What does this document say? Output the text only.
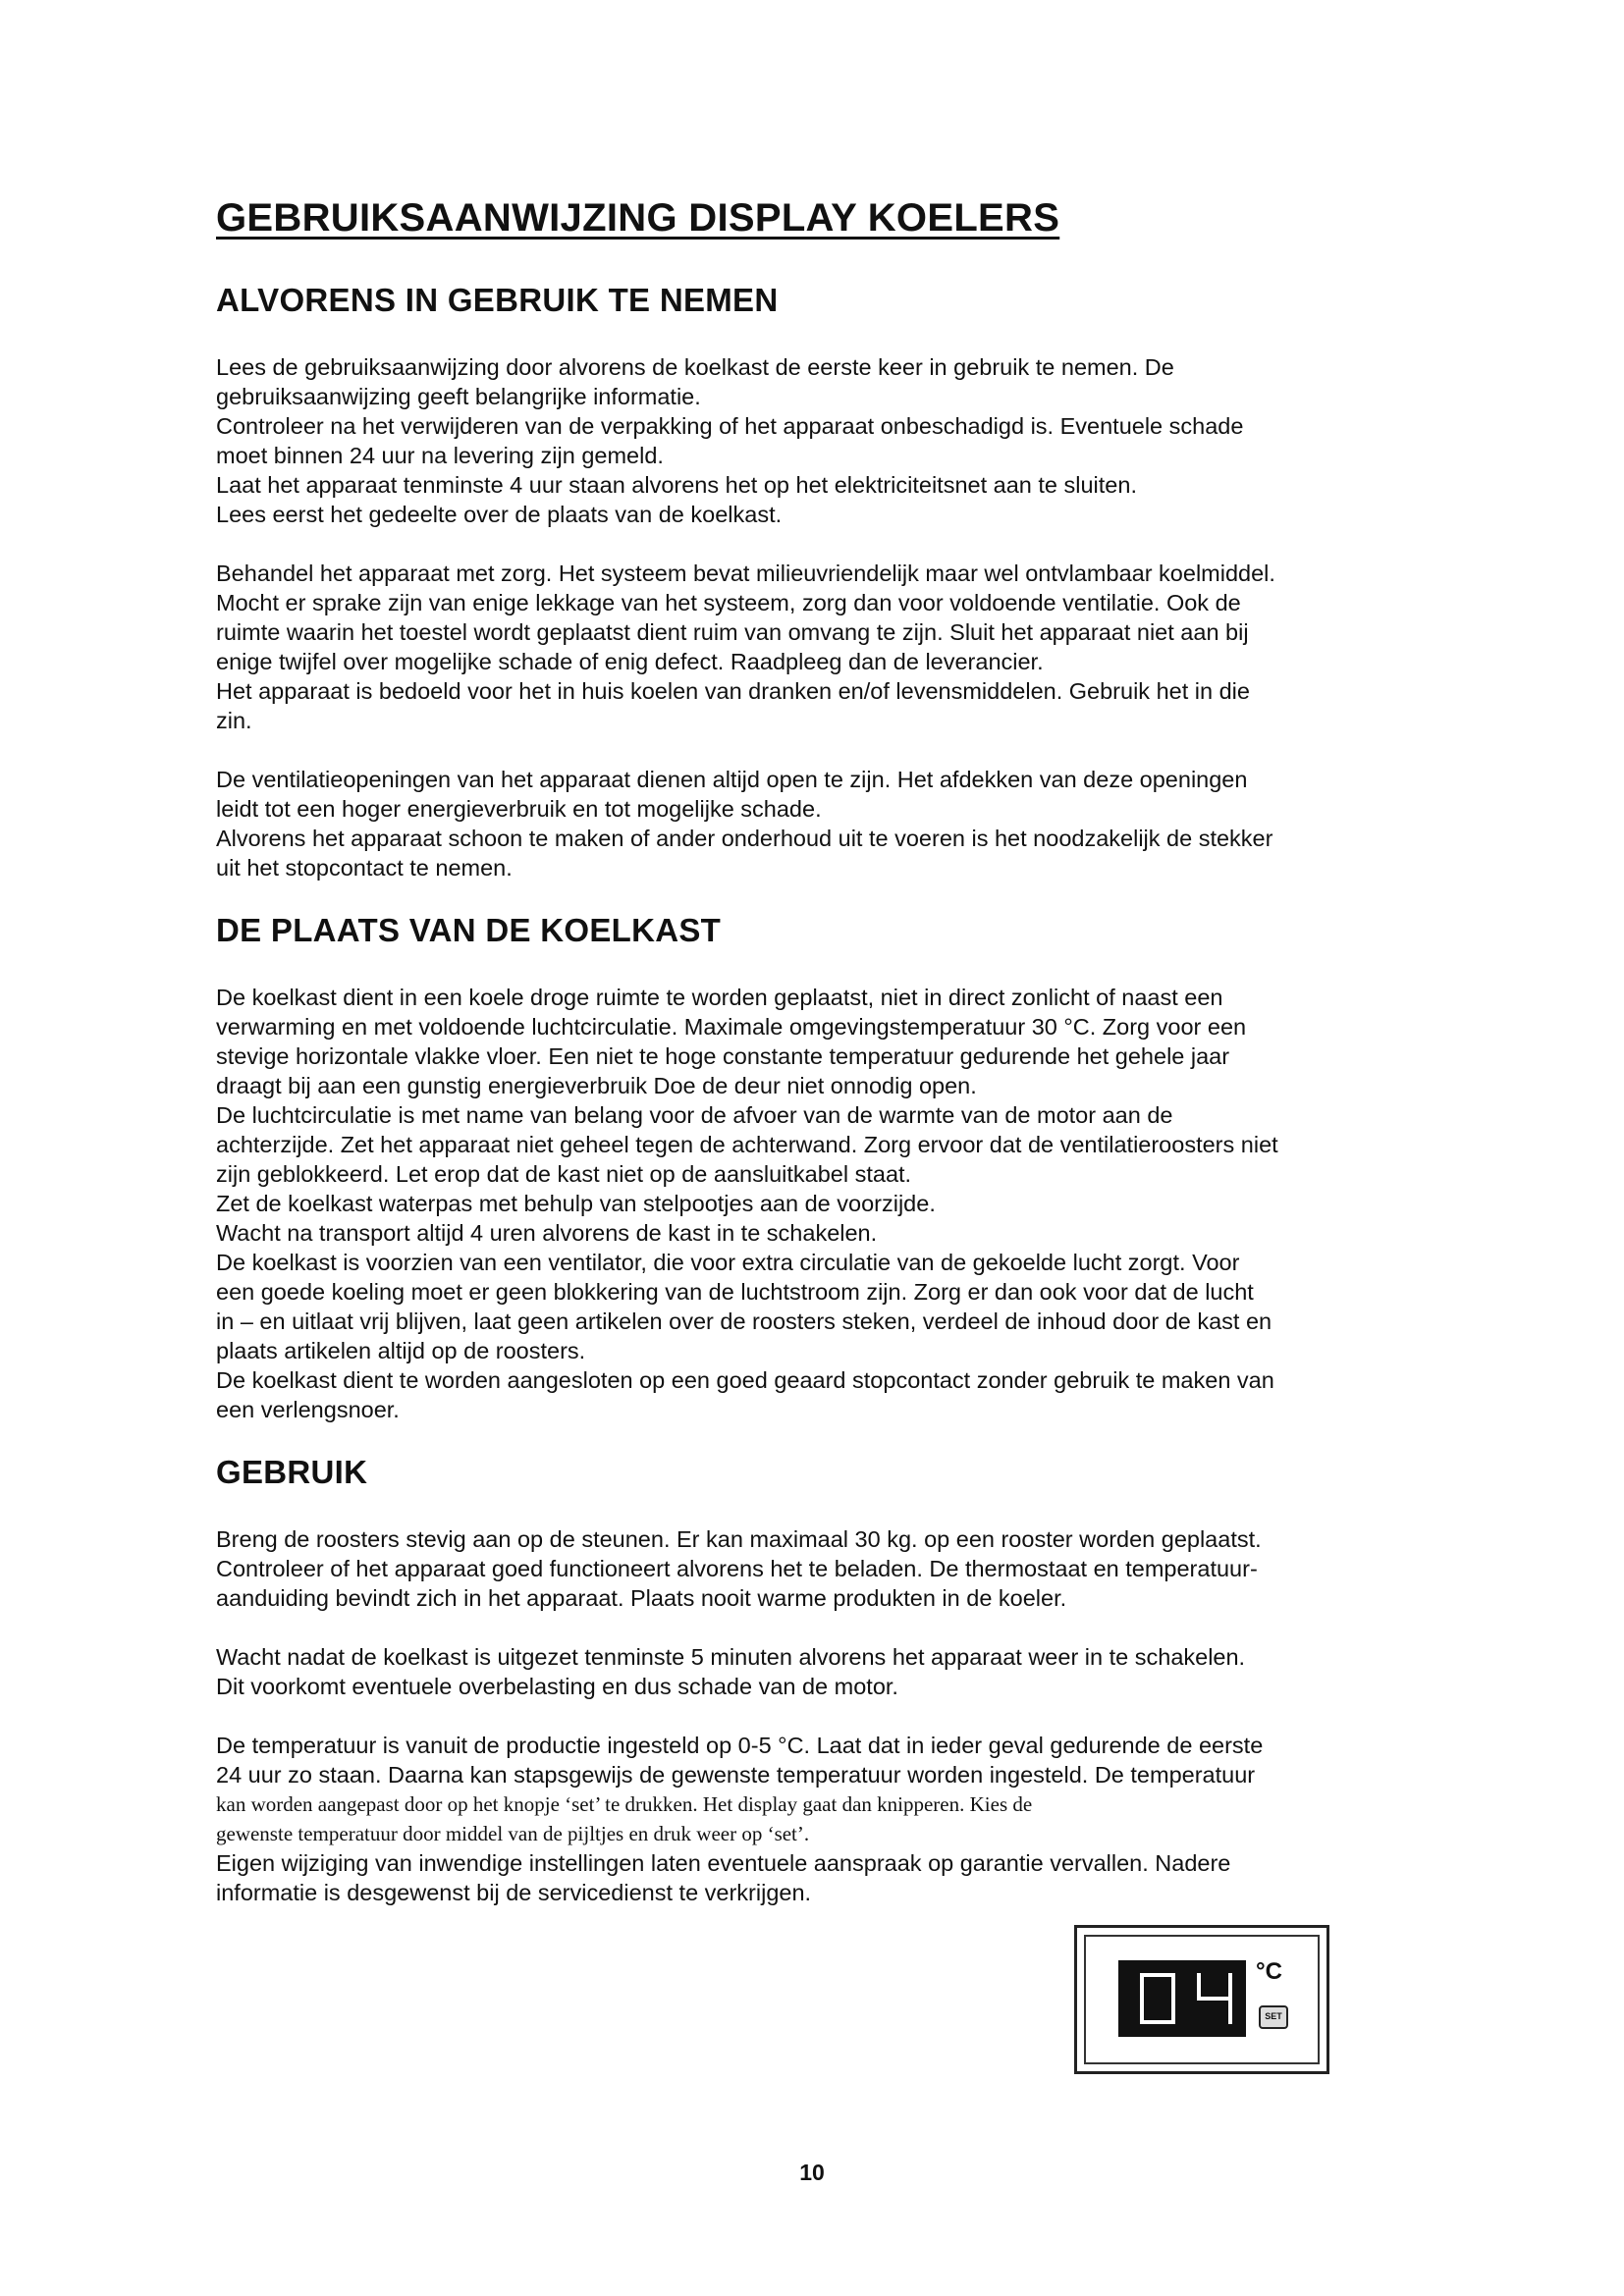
GEBRUIKSAANWIJZING DISPLAY KOELERS
ALVORENS IN GEBRUIK TE NEMEN
Lees de gebruiksaanwijzing door alvorens de koelkast de eerste keer in gebruik te nemen. De
gebruiksaanwijzing geeft belangrijke informatie.
Controleer na het verwijderen van de verpakking of het apparaat onbeschadigd is. Eventuele schade
moet binnen 24 uur na levering zijn gemeld.
Laat het apparaat tenminste 4 uur staan alvorens het op het elektriciteitsnet aan te sluiten.
Lees eerst het gedeelte over de plaats van de koelkast.
Behandel het apparaat met zorg. Het systeem bevat milieuvriendelijk maar wel ontvlambaar koelmiddel.
Mocht er sprake zijn van enige lekkage van het systeem, zorg dan voor voldoende ventilatie. Ook de
ruimte waarin het toestel wordt geplaatst dient ruim van omvang te zijn. Sluit het apparaat niet aan bij
enige twijfel over mogelijke schade of enig defect. Raadpleeg dan de leverancier.
Het apparaat is bedoeld voor het in huis koelen van dranken en/of levensmiddelen. Gebruik het in die
zin.
De ventilatieopeningen van het apparaat dienen altijd open te zijn. Het afdekken van deze openingen
leidt tot een hoger energieverbruik en tot mogelijke schade.
Alvorens het apparaat schoon te maken of ander onderhoud uit te voeren is het noodzakelijk de stekker
uit het stopcontact te nemen.
DE PLAATS VAN DE KOELKAST
De koelkast dient in een koele droge ruimte te worden geplaatst, niet in direct zonlicht of naast een
verwarming en met voldoende luchtcirculatie. Maximale omgevingstemperatuur 30 °C. Zorg voor een
stevige horizontale vlakke vloer. Een niet te hoge constante temperatuur gedurende het gehele jaar
draagt bij aan een gunstig energieverbruik Doe de deur niet onnodig open.
De luchtcirculatie is met name van belang voor de afvoer van de warmte van de motor aan de
achterzijde. Zet het apparaat niet geheel tegen de achterwand. Zorg ervoor dat de ventilatieroosters niet
zijn geblokkeerd. Let erop dat de kast niet op de aansluitkabel staat.
Zet de koelkast waterpas met behulp van stelpootjes aan de voorzijde.
Wacht na transport altijd 4 uren alvorens de kast in te schakelen.
De koelkast is voorzien van een ventilator, die voor extra circulatie van de gekoelde lucht zorgt. Voor
een goede koeling moet er geen blokkering van de luchtstroom zijn. Zorg er dan ook voor dat de lucht
in – en uitlaat vrij blijven, laat geen artikelen over de roosters steken, verdeel de inhoud door de kast en
plaats artikelen altijd op de roosters.
De koelkast dient te worden aangesloten op een goed geaard stopcontact zonder gebruik te maken van
een verlengsnoer.
GEBRUIK
Breng de roosters stevig aan op de steunen. Er kan maximaal 30 kg. op een rooster worden geplaatst.
Controleer of het apparaat goed functioneert alvorens het te beladen. De thermostaat en temperatuur-
aanduiding bevindt zich in het apparaat. Plaats nooit warme produkten in de koeler.
Wacht nadat de koelkast is uitgezet tenminste 5 minuten alvorens het apparaat weer in te schakelen.
Dit voorkomt eventuele overbelasting en dus schade van de motor.
De temperatuur is vanuit de productie ingesteld op 0-5 °C. Laat dat in ieder geval gedurende de eerste
24 uur zo staan. Daarna kan stapsgewijs de gewenste temperatuur worden ingesteld. De temperatuur
kan worden aangepast door op het knopje ‘set’ te drukken. Het display gaat dan knipperen. Kies de
gewenste temperatuur door middel van de pijltjes en druk weer op ‘set’.
Eigen wijziging van inwendige instellingen laten eventuele aanspraak op garantie vervallen. Nadere
informatie is desgewenst bij de servicedienst te verkrijgen.
°C
SET
10
